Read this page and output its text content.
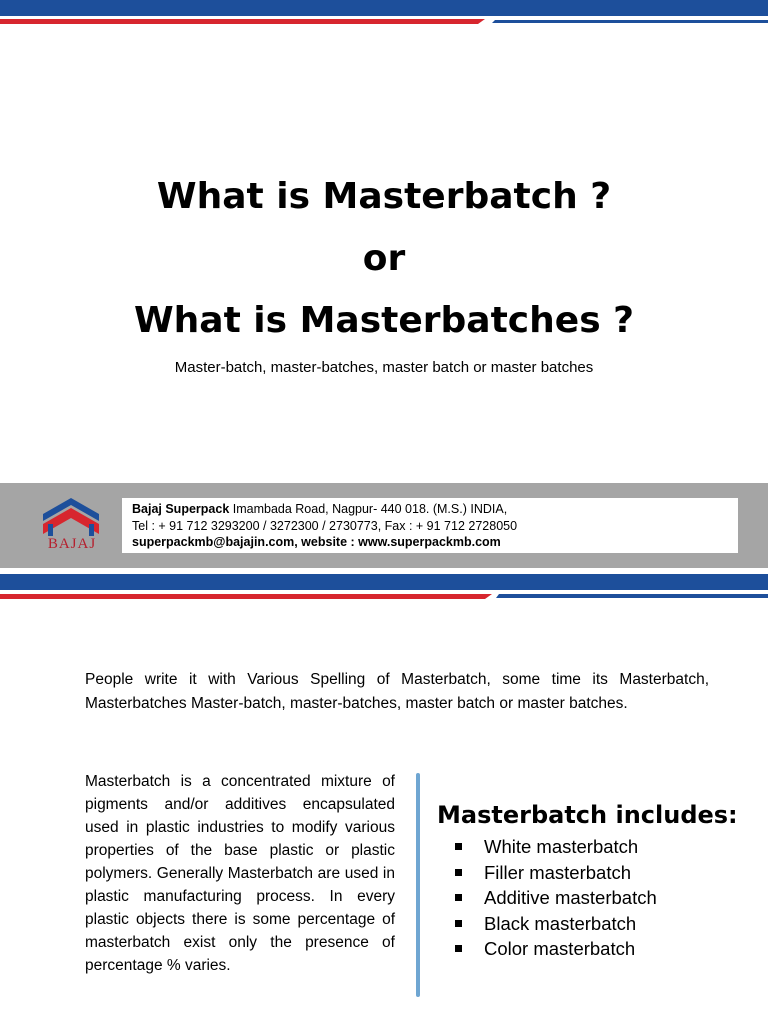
What is Masterbatch ?
or
What is Masterbatches ?
Master-batch, master-batches, master batch or master batches
BAJAJ
Bajaj Superpack Imambada Road, Nagpur- 440 018. (M.S.) INDIA,
Tel : + 91 712 3293200 / 3272300 / 2730773, Fax : + 91 712 2728050
superpackmb@bajajin.com, website : www.superpackmb.com
People write it with Various Spelling of Masterbatch, some time its Masterbatch, Masterbatches Master-batch, master-batches, master batch or master batches.
Masterbatch is a concentrated mixture of pigments and/or additives encapsulated used in plastic industries to modify various properties of the base plastic or plastic polymers. Generally Masterbatch are used in plastic manufacturing process. In every plastic objects there is some percentage of masterbatch exist only the presence of percentage % varies.
Masterbatch includes:
White masterbatch
Filler masterbatch
Additive masterbatch
Black masterbatch
Color masterbatch
